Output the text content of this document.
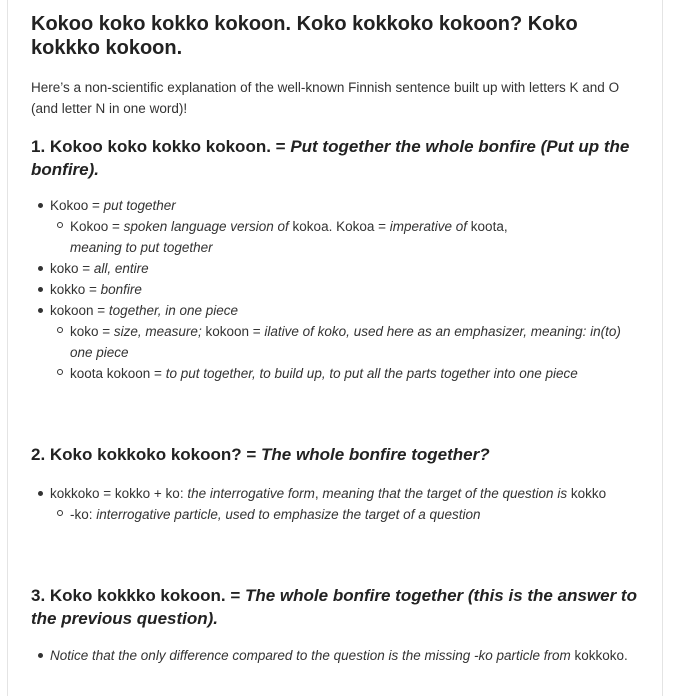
Kokoo koko kokko kokoon. Koko kokkoko kokoon? Koko kokkko kokoon.

Here’s a non-scientific explanation of the well-known Finnish sentence built up with letters K and O (and letter N in one word)!

1. Kokoo koko kokko kokoon. = Put together the whole bonfire (Put up the bonfire).
Kokoo = put together
Kokoo = spoken language version of kokoa. Kokoa = imperative of koota,
meaning to put together
koko = all, entire
kokko = bonfire
kokoon = together, in one piece
koko = size, measure; kokoon = ilative of koko, used here as an emphasizer, meaning: in(to) one piece
koota kokoon = to put together, to build up, to put all the parts together into one piece
2. Koko kokkoko kokoon? = The whole bonfire together?
kokkoko = kokko + ko: the interrogative form, meaning that the target of the question is kokko
-ko: interrogative particle, used to emphasize the target of a question
3. Koko kokkko kokoon. = The whole bonfire together (this is the answer to the previous question).
Notice that the only difference compared to the question is the missing -ko particle from kokkoko.
